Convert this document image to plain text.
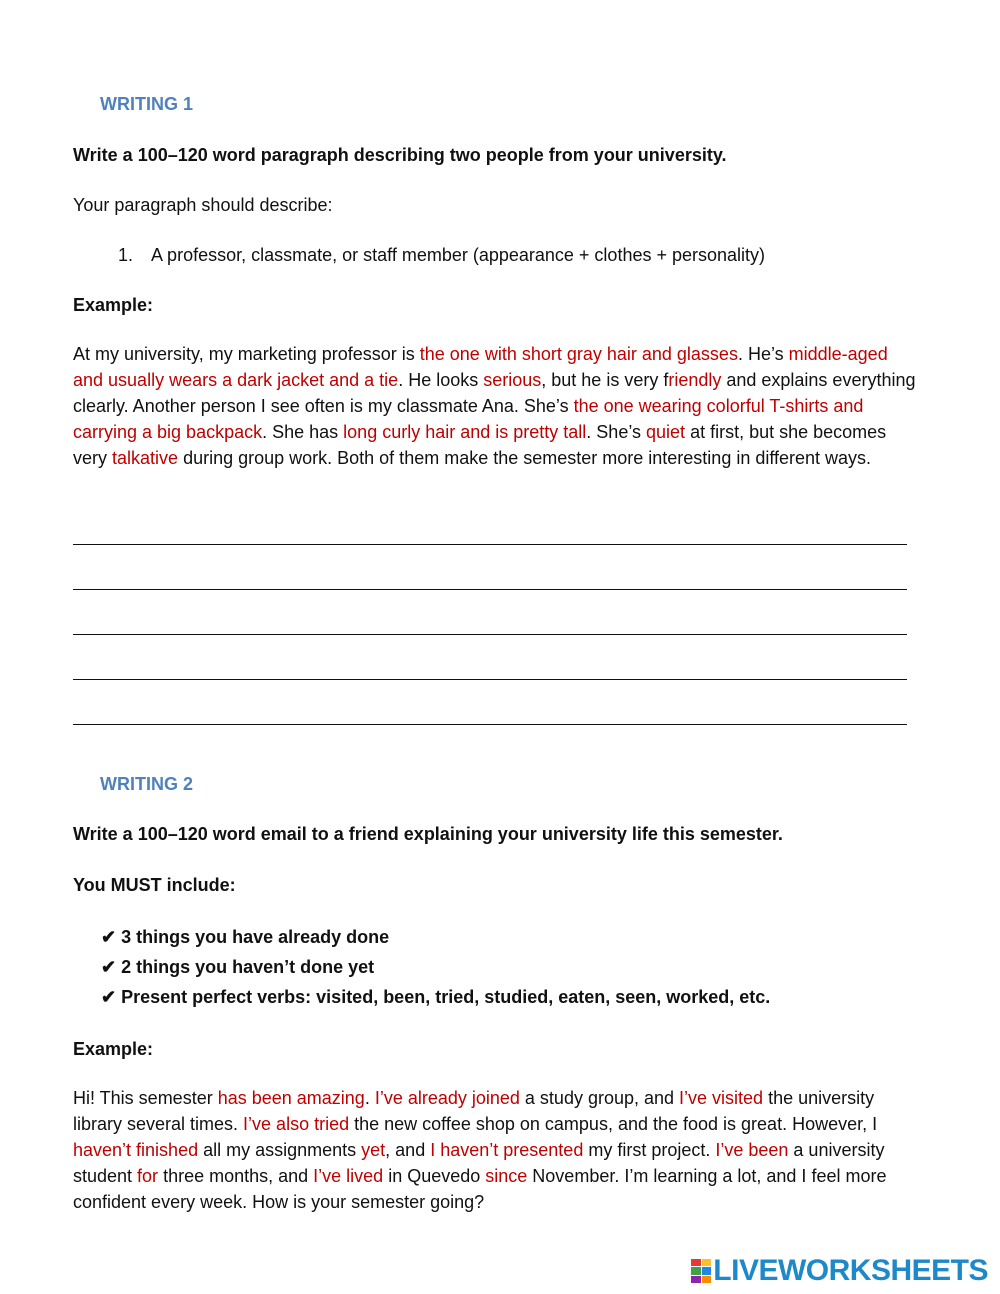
WRITING 1
Write a 100–120 word paragraph describing two people from your university.
Your paragraph should describe:
1. A professor, classmate, or staff member (appearance + clothes + personality)
Example:

At my university, my marketing professor is the one with short gray hair and glasses. He’s middle-aged and usually wears a dark jacket and a tie. He looks serious, but he is very friendly and explains everything clearly. Another person I see often is my classmate Ana. She’s the one wearing colorful T-shirts and carrying a big backpack. She has long curly hair and is pretty tall. She’s quiet at first, but she becomes very talkative during group work. Both of them make the semester more interesting in different ways.

WRITING 2
Write a 100–120 word email to a friend explaining your university life this semester.
You MUST include:
✔ 3 things you have already done
✔ 2 things you haven’t done yet
✔ Present perfect verbs: visited, been, tried, studied, eaten, seen, worked, etc.
Example:

Hi! This semester has been amazing. I’ve already joined a study group, and I’ve visited the university library several times. I’ve also tried the new coffee shop on campus, and the food is great. However, I haven’t finished all my assignments yet, and I haven’t presented my first project. I’ve been a university student for three months, and I’ve lived in Quevedo since November. I’m learning a lot, and I feel more confident every week. How is your semester going?

LIVEWORKSHEETS
